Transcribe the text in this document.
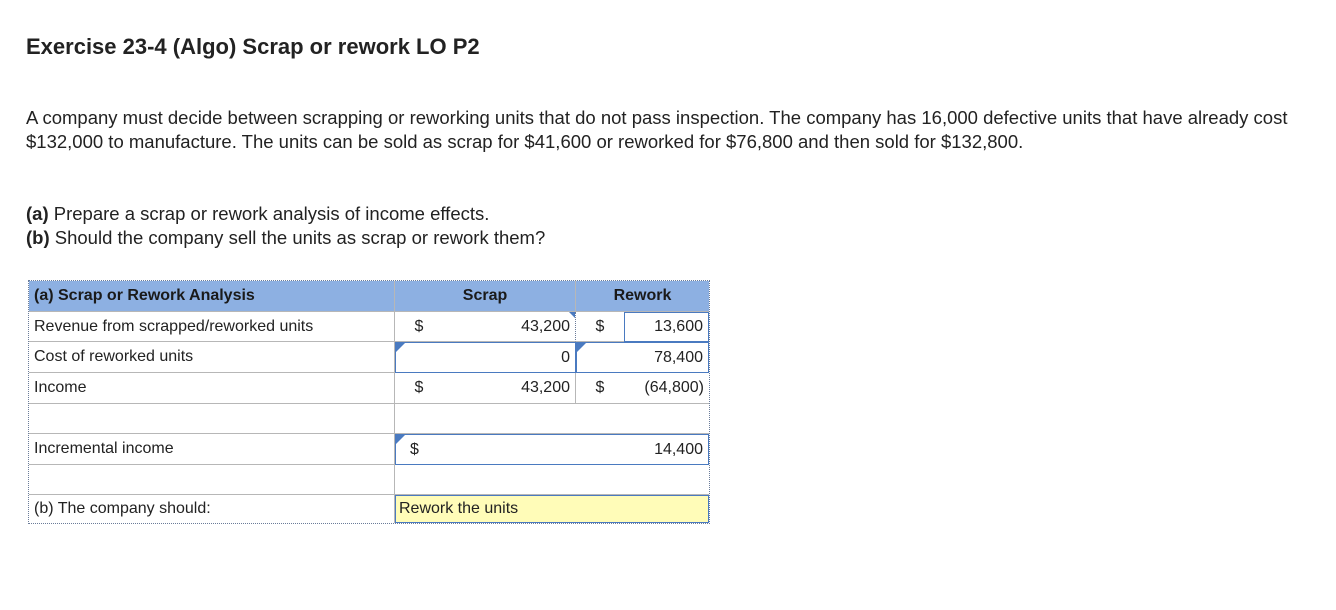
Exercise 23-4 (Algo) Scrap or rework LO P2

A company must decide between scrapping or reworking units that do not pass inspection. The company has 16,000 defective units that have already cost $132,000 to manufacture. The units can be sold as scrap for $41,600 or reworked for $76,800 and then sold for $132,800.

(a) Prepare a scrap or rework analysis of income effects.
(b) Should the company sell the units as scrap or rework them?
(a) Scrap or Rework Analysis	Scrap	Rework
Revenue from scrapped/reworked units	$	43,200	$	13,600
Cost of reworked units	0	78,400
Income	$	43,200	$	(64,800)
Incremental income	$	14,400
(b) The company should:	Rework the units
